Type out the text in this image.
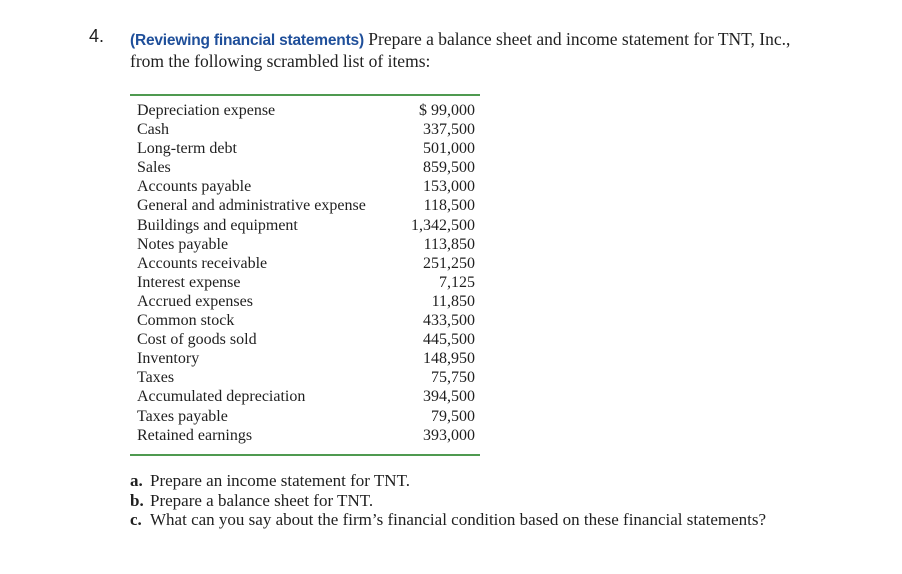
4. (Reviewing financial statements) Prepare a balance sheet and income statement for TNT, Inc., from the following scrambled list of items:
Depreciation expense	$ 99,000
Cash	337,500
Long-term debt	501,000
Sales	859,500
Accounts payable	153,000
General and administrative expense	118,500
Buildings and equipment	1,342,500
Notes payable	113,850
Accounts receivable	251,250
Interest expense	7,125
Accrued expenses	11,850
Common stock	433,500
Cost of goods sold	445,500
Inventory	148,950
Taxes	75,750
Accumulated depreciation	394,500
Taxes payable	79,500
Retained earnings	393,000
a. Prepare an income statement for TNT.
b. Prepare a balance sheet for TNT.
c. What can you say about the firm’s financial condition based on these financial statements?
